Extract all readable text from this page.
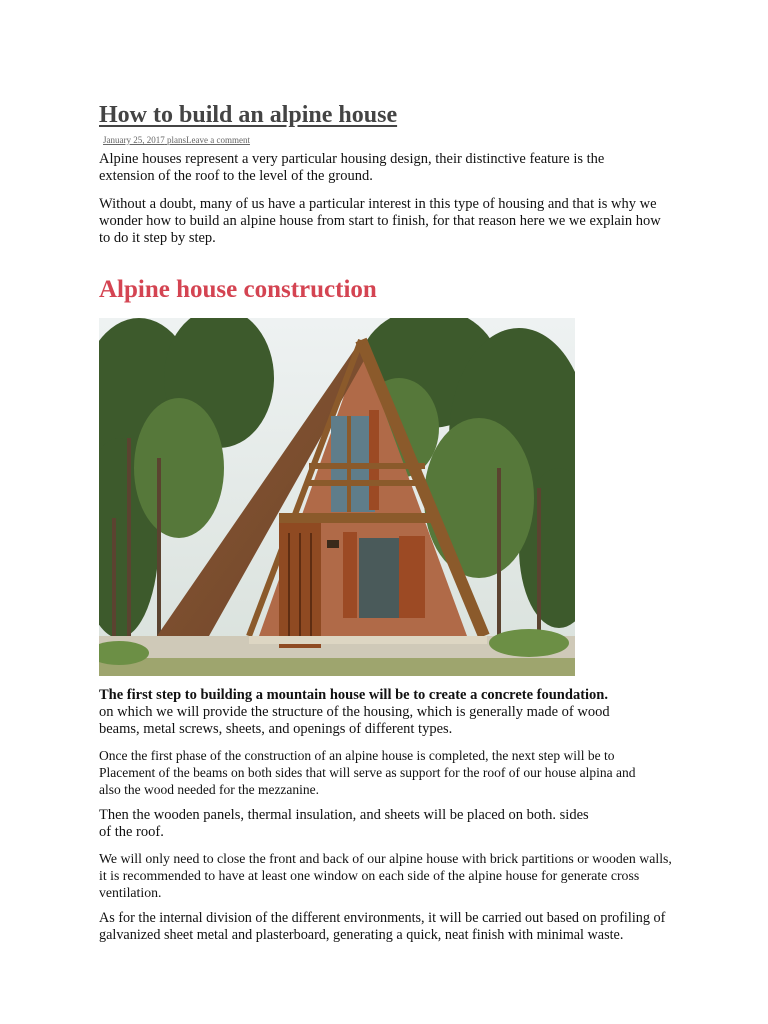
How to build an alpine house
January 25, 2017 plansLeave a comment

Alpine houses represent a very particular housing design, their distinctive feature is the extension of the roof to the level of the ground.

Without a doubt, many of us have a particular interest in this type of housing and that is why we wonder how to build an alpine house from start to finish, for that reason here we we explain how to do it step by step.

Alpine house construction

The first step to building a mountain house will be to create a concrete foundation.

on which we will provide the structure of the housing, which is generally made of wood beams, metal screws, sheets, and openings of different types.

Once the first phase of the construction of an alpine house is completed, the next step will be to Placement of the beams on both sides that will serve as support for the roof of our house alpina and also the wood needed for the mezzanine.

Then the wooden panels, thermal insulation, and sheets will be placed on both. sides of the roof.

We will only need to close the front and back of our alpine house with brick partitions or wooden walls, it is recommended to have at least one window on each side of the alpine house for generate cross ventilation.

As for the internal division of the different environments, it will be carried out based on profiling of galvanized sheet metal and plasterboard, generating a quick, neat finish with minimal waste.
